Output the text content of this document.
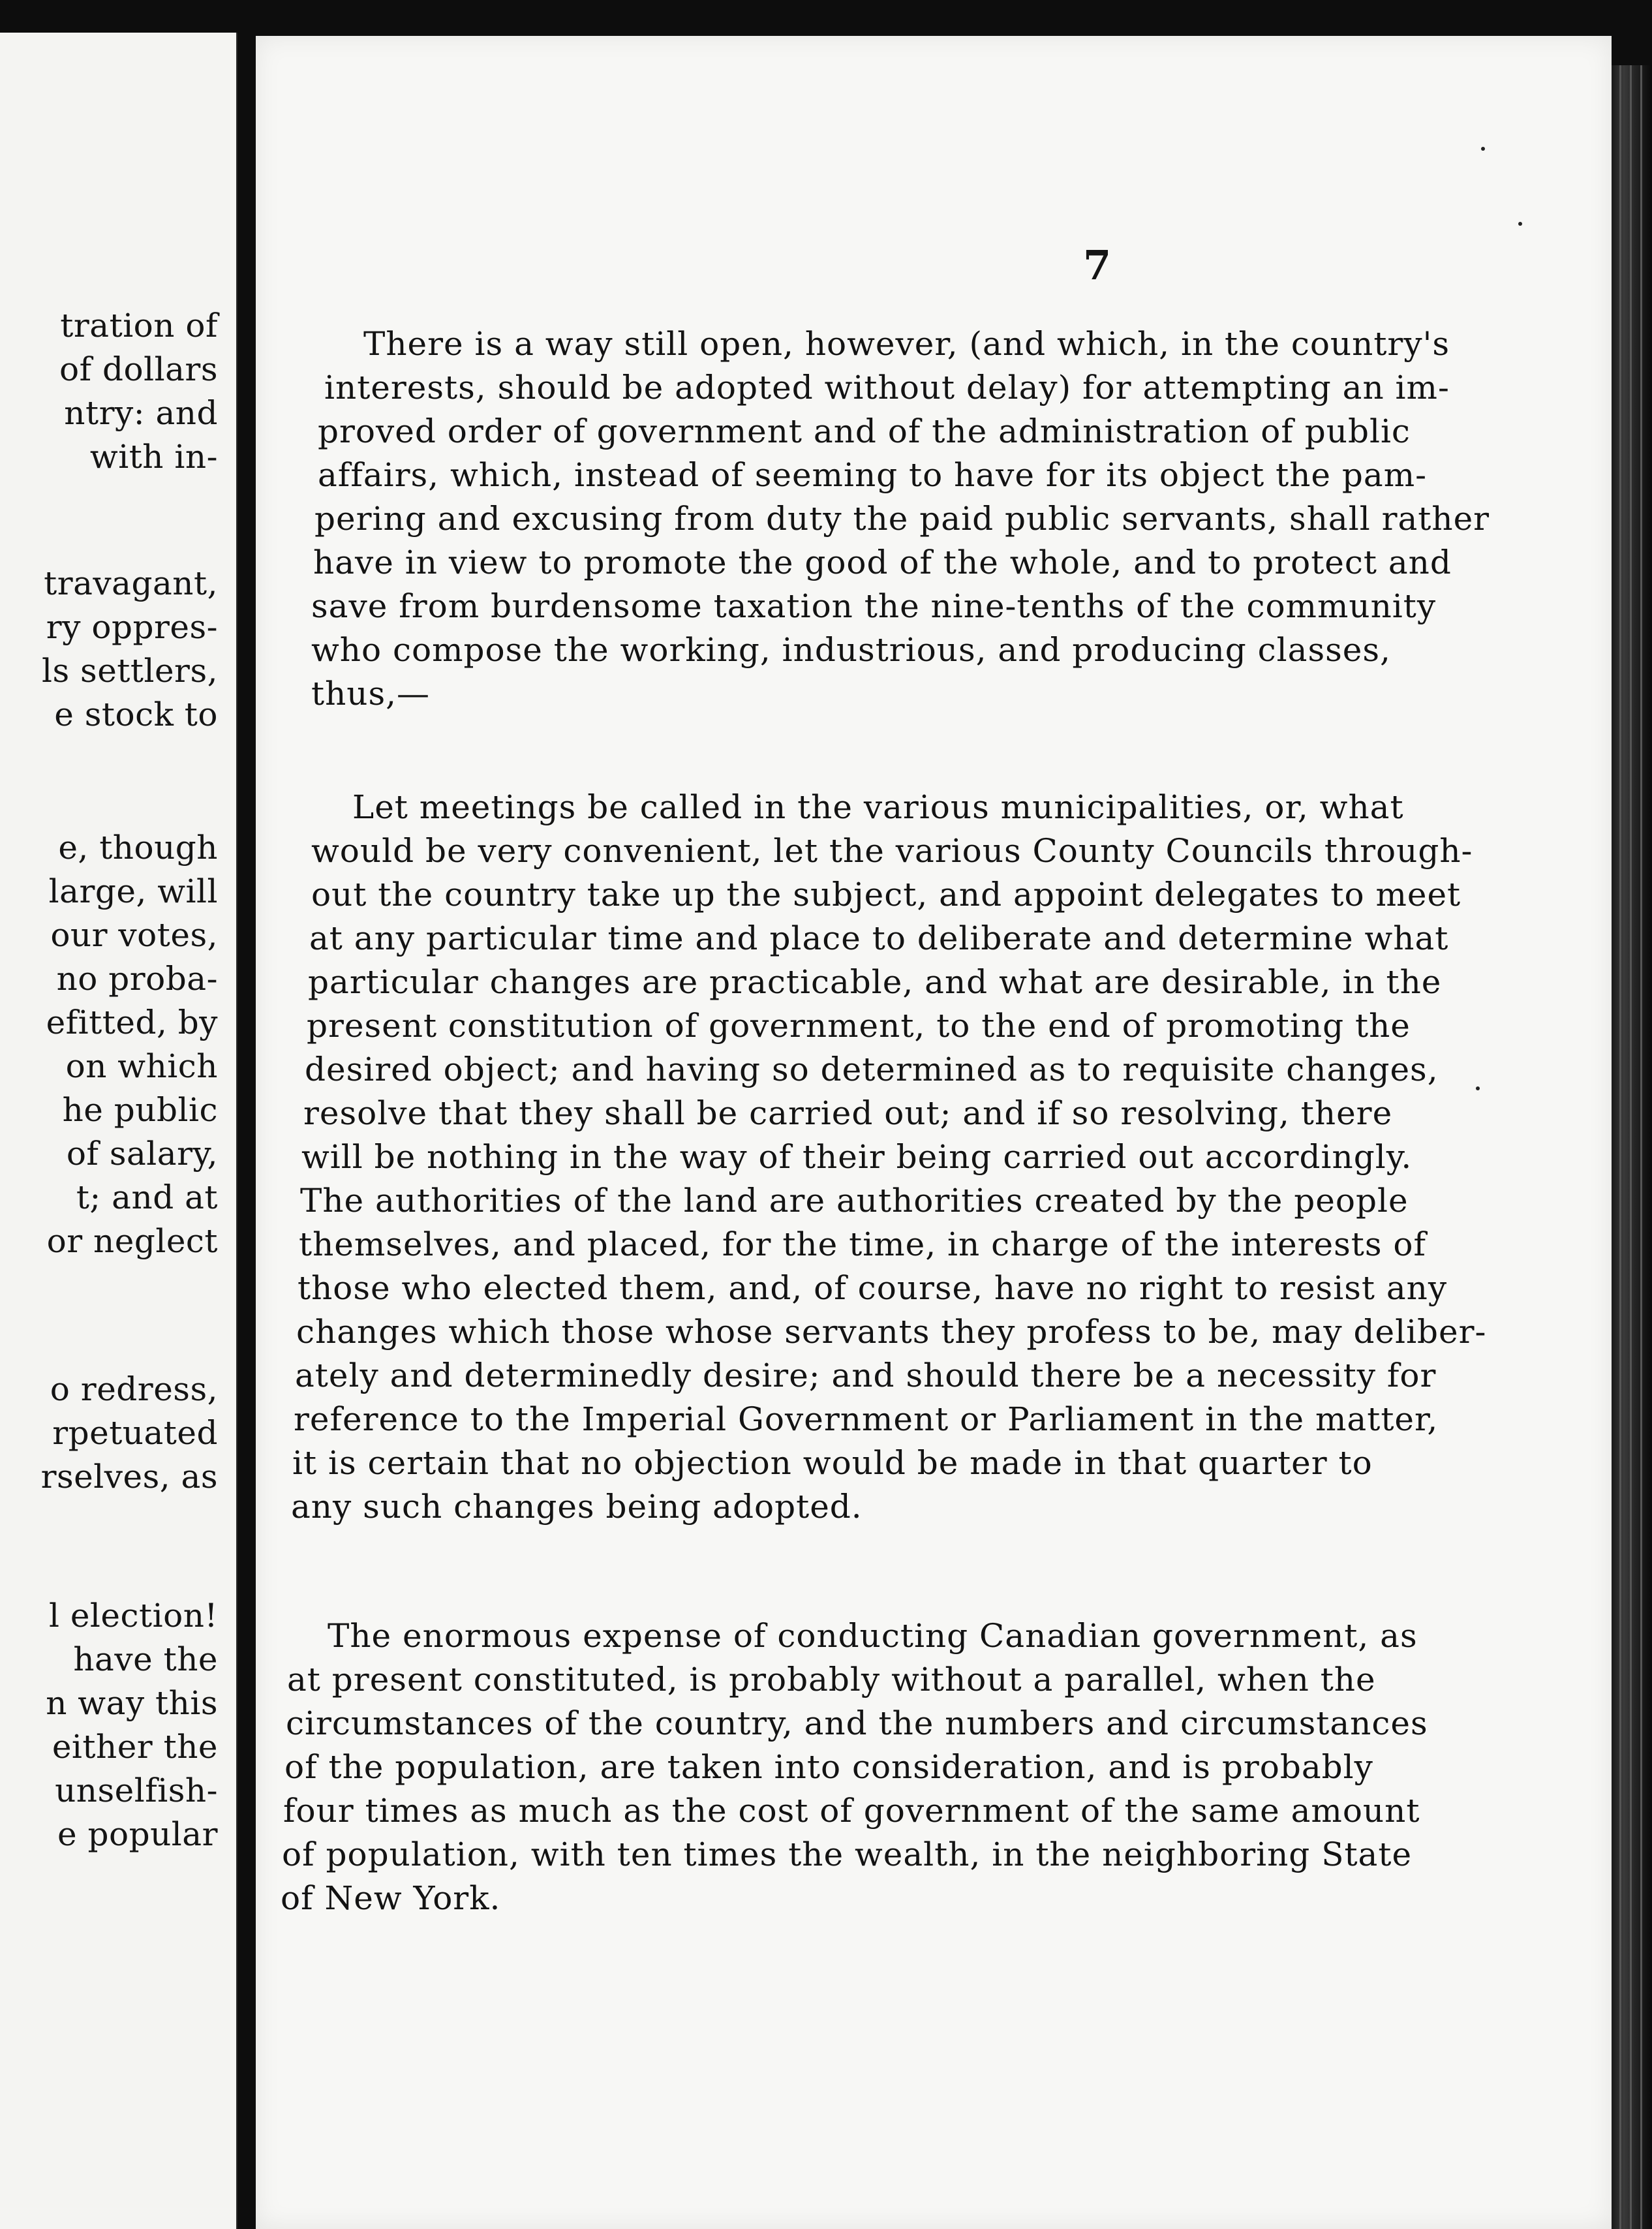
tration of
of dollars
ntry: and
with in-
travagant,
ry oppres-
ls settlers,
e stock to
e, though
large, will
our votes,
no proba-
efitted, by
on which
he public
of salary,
t; and at
or neglect
o redress,
rpetuated
rselves, as
l election!
have the
n way this
either the
unselfish-
e popular
7
There is a way still open, however, (and which, in the country's
interests, should be adopted without delay) for attempting an im-
proved order of government and of the administration of public
affairs, which, instead of seeming to have for its object the pam-
pering and excusing from duty the paid public servants, shall rather
have in view to promote the good of the whole, and to protect and
save from burdensome taxation the nine-tenths of the community
who compose the working, industrious, and producing classes,
thus,—
Let meetings be called in the various municipalities, or, what
would be very convenient, let the various County Councils through-
out the country take up the subject, and appoint delegates to meet
at any particular time and place to deliberate and determine what
particular changes are practicable, and what are desirable, in the
present constitution of government, to the end of promoting the
desired object; and having so determined as to requisite changes,
resolve that they shall be carried out; and if so resolving, there
will be nothing in the way of their being carried out accordingly.
The authorities of the land are authorities created by the people
themselves, and placed, for the time, in charge of the interests of
those who elected them, and, of course, have no right to resist any
changes which those whose servants they profess to be, may deliber-
ately and determinedly desire; and should there be a necessity for
reference to the Imperial Government or Parliament in the matter,
it is certain that no objection would be made in that quarter to
any such changes being adopted.
The enormous expense of conducting Canadian government, as
at present constituted, is probably without a parallel, when the
circumstances of the country, and the numbers and circumstances
of the population, are taken into consideration, and is probably
four times as much as the cost of government of the same amount
of population, with ten times the wealth, in the neighboring State
of New York.
